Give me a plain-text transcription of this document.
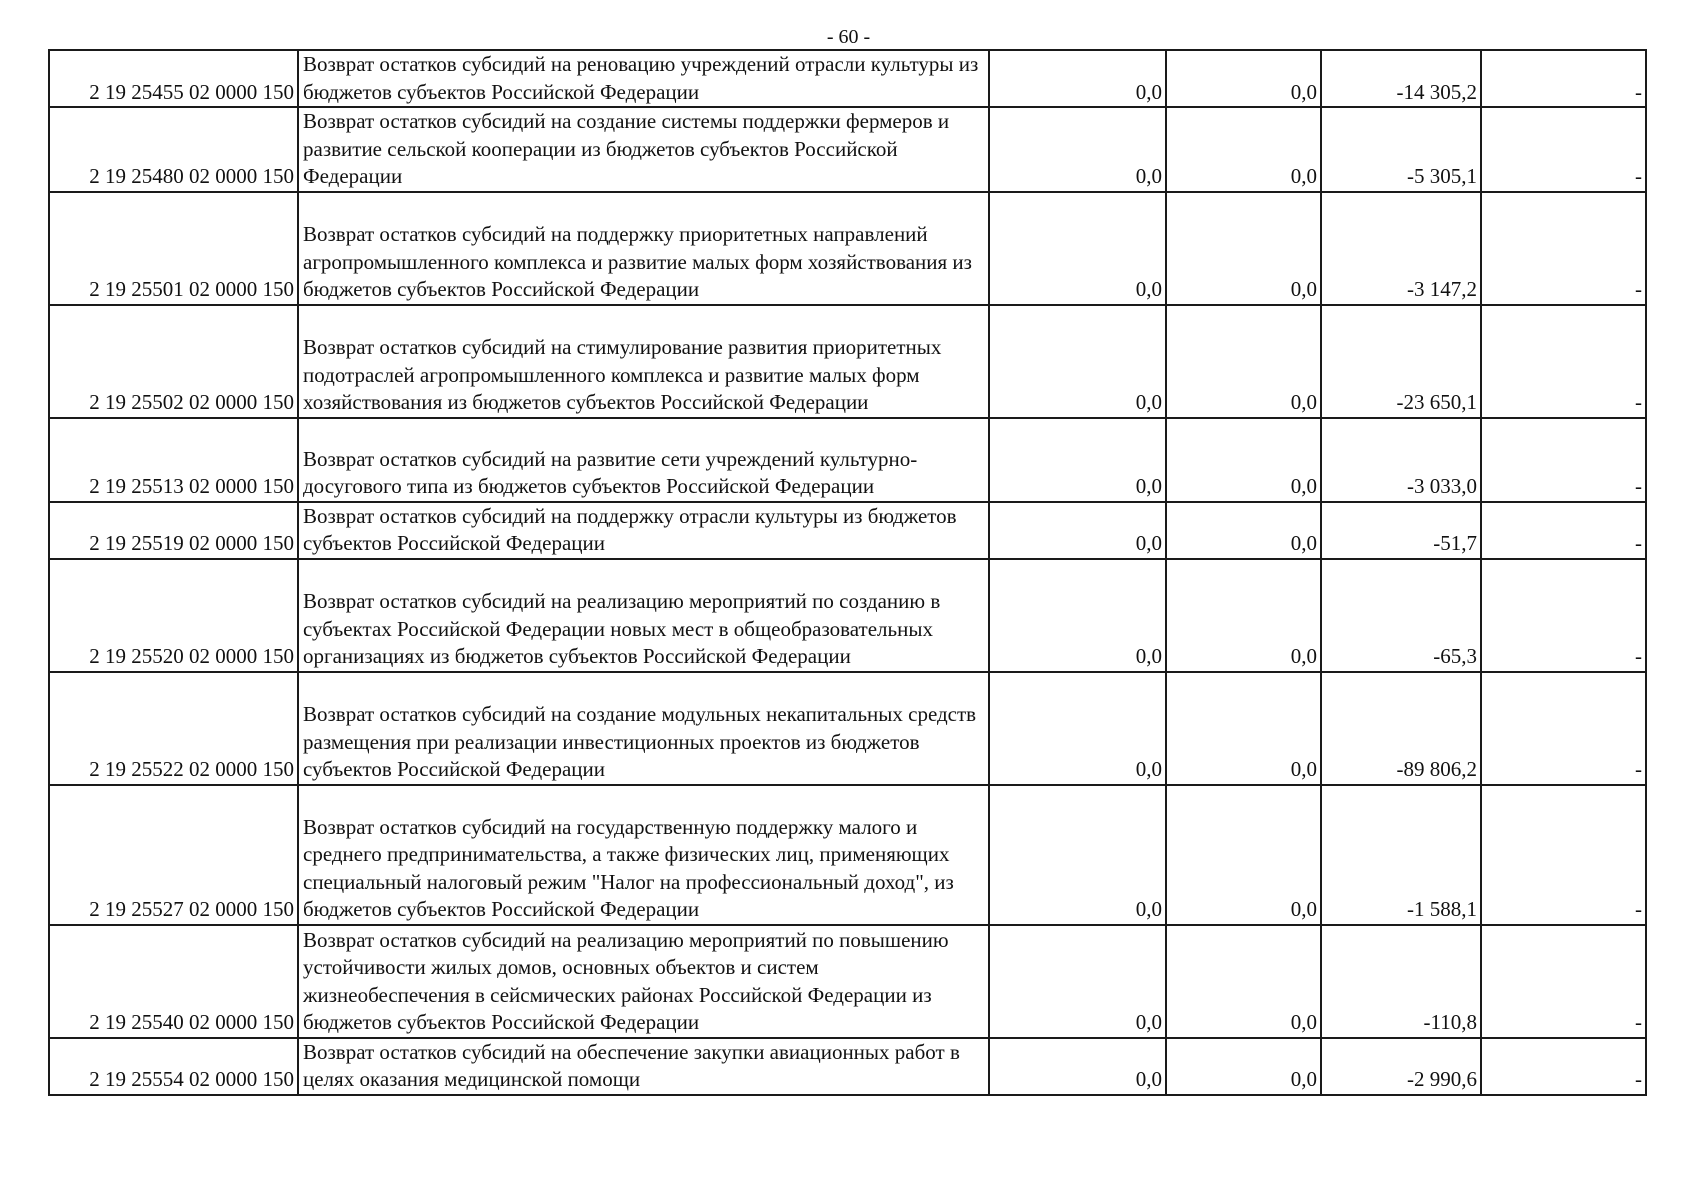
- 60 -
2 19 25455 02 0000 150	Возврат остатков субсидий на реновацию учреждений отрасли культуры из бюджетов субъектов Российской Федерации	0,0	0,0	-14 305,2	-
2 19 25480 02 0000 150	Возврат остатков субсидий на создание системы поддержки фермеров и развитие сельской кооперации из бюджетов субъектов Российской Федерации	0,0	0,0	-5 305,1	-
2 19 25501 02 0000 150	Возврат остатков субсидий на поддержку приоритетных направлений агропромышленного комплекса и развитие малых форм хозяйствования из бюджетов субъектов Российской Федерации	0,0	0,0	-3 147,2	-
2 19 25502 02 0000 150	Возврат остатков субсидий на стимулирование развития приоритетных подотраслей агропромышленного комплекса и развитие малых форм хозяйствования из бюджетов субъектов Российской Федерации	0,0	0,0	-23 650,1	-
2 19 25513 02 0000 150	Возврат остатков субсидий на развитие сети учреждений культурно-досугового типа из бюджетов субъектов Российской Федерации	0,0	0,0	-3 033,0	-
2 19 25519 02 0000 150	Возврат остатков субсидий на поддержку отрасли культуры из бюджетов субъектов Российской Федерации	0,0	0,0	-51,7	-
2 19 25520 02 0000 150	Возврат остатков субсидий на реализацию мероприятий по созданию в субъектах Российской Федерации новых мест в общеобразовательных организациях из бюджетов субъектов Российской Федерации	0,0	0,0	-65,3	-
2 19 25522 02 0000 150	Возврат остатков субсидий на создание модульных некапитальных средств размещения при реализации инвестиционных проектов из бюджетов субъектов Российской Федерации	0,0	0,0	-89 806,2	-
2 19 25527 02 0000 150	Возврат остатков субсидий на государственную поддержку малого и среднего предпринимательства, а также физических лиц, применяющих специальный налоговый режим "Налог на профессиональный доход", из бюджетов субъектов Российской Федерации	0,0	0,0	-1 588,1	-
2 19 25540 02 0000 150	Возврат остатков субсидий на реализацию мероприятий по повышению устойчивости жилых домов, основных объектов и систем жизнеобеспечения в сейсмических районах Российской Федерации из бюджетов субъектов Российской Федерации	0,0	0,0	-110,8	-
2 19 25554 02 0000 150	Возврат остатков субсидий на обеспечение закупки авиационных работ в целях оказания медицинской помощи	0,0	0,0	-2 990,6	-
